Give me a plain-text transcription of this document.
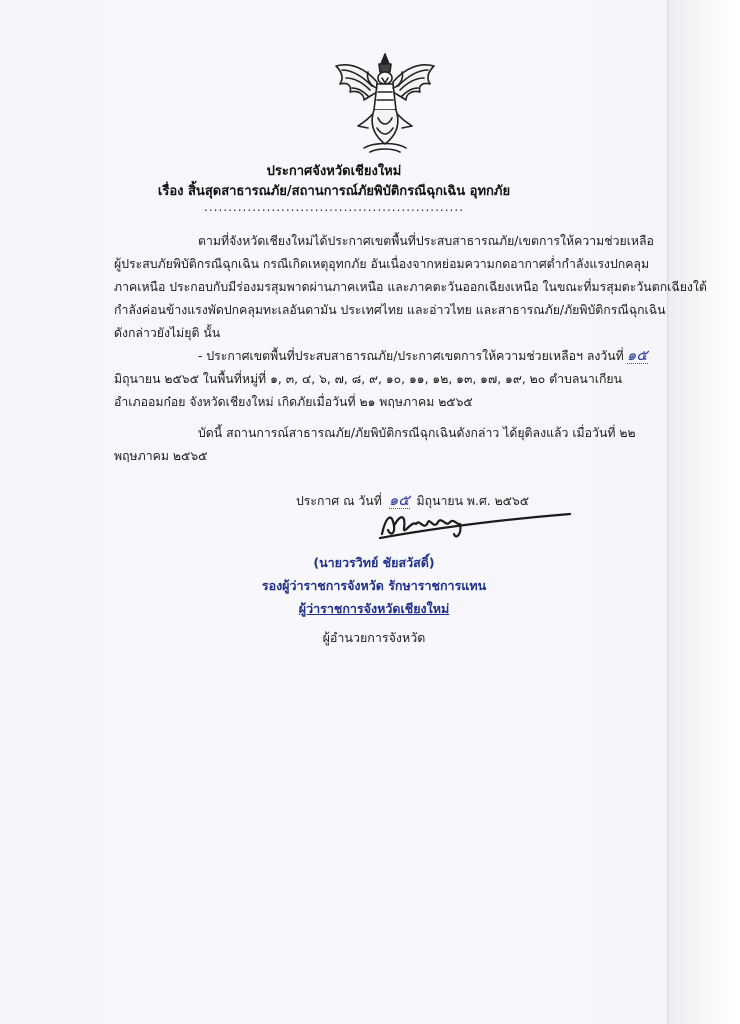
ประกาศจังหวัดเชียงใหม่
เรื่อง สิ้นสุดสาธารณภัย/สถานการณ์ภัยพิบัติกรณีฉุกเฉิน อุทกภัย
......................................................
ตามที่จังหวัดเชียงใหม่ได้ประกาศเขตพื้นที่ประสบสาธารณภัย/เขตการให้ความช่วยเหลือ
ผู้ประสบภัยพิบัติกรณีฉุกเฉิน กรณีเกิดเหตุอุทกภัย อันเนื่องจากหย่อมความกดอากาศต่ำกำลังแรงปกคลุม
ภาคเหนือ ประกอบกับมีร่องมรสุมพาดผ่านภาคเหนือ และภาคตะวันออกเฉียงเหนือ ในขณะที่มรสุมตะวันตกเฉียงใต้
กำลังค่อนข้างแรงพัดปกคลุมทะเลอันดามัน ประเทศไทย และอ่าวไทย และสาธารณภัย/ภัยพิบัติกรณีฉุกเฉิน
ดังกล่าวยังไม่ยุติ นั้น
- ประกาศเขตพื้นที่ประสบสาธารณภัย/ประกาศเขตการให้ความช่วยเหลือฯ ลงวันที่ ๑๕
มิถุนายน ๒๕๖๕ ในพื้นที่หมู่ที่ ๑, ๓, ๔, ๖, ๗, ๘, ๙, ๑๐, ๑๑, ๑๒, ๑๓, ๑๗, ๑๙, ๒๐ ตำบลนาเกียน
อำเภออมก๋อย จังหวัดเชียงใหม่ เกิดภัยเมื่อวันที่ ๒๑ พฤษภาคม ๒๕๖๕
บัดนี้ สถานการณ์สาธารณภัย/ภัยพิบัติกรณีฉุกเฉินดังกล่าว ได้ยุติลงแล้ว เมื่อวันที่ ๒๒
พฤษภาคม ๒๕๖๕
ประกาศ ณ วันที่ ๑๕ มิถุนายน พ.ศ. ๒๕๖๕
(นายวรวิทย์ ชัยสวัสดิ์)
รองผู้ว่าราชการจังหวัด รักษาราชการแทน
ผู้ว่าราชการจังหวัดเชียงใหม่
ผู้อำนวยการจังหวัด
